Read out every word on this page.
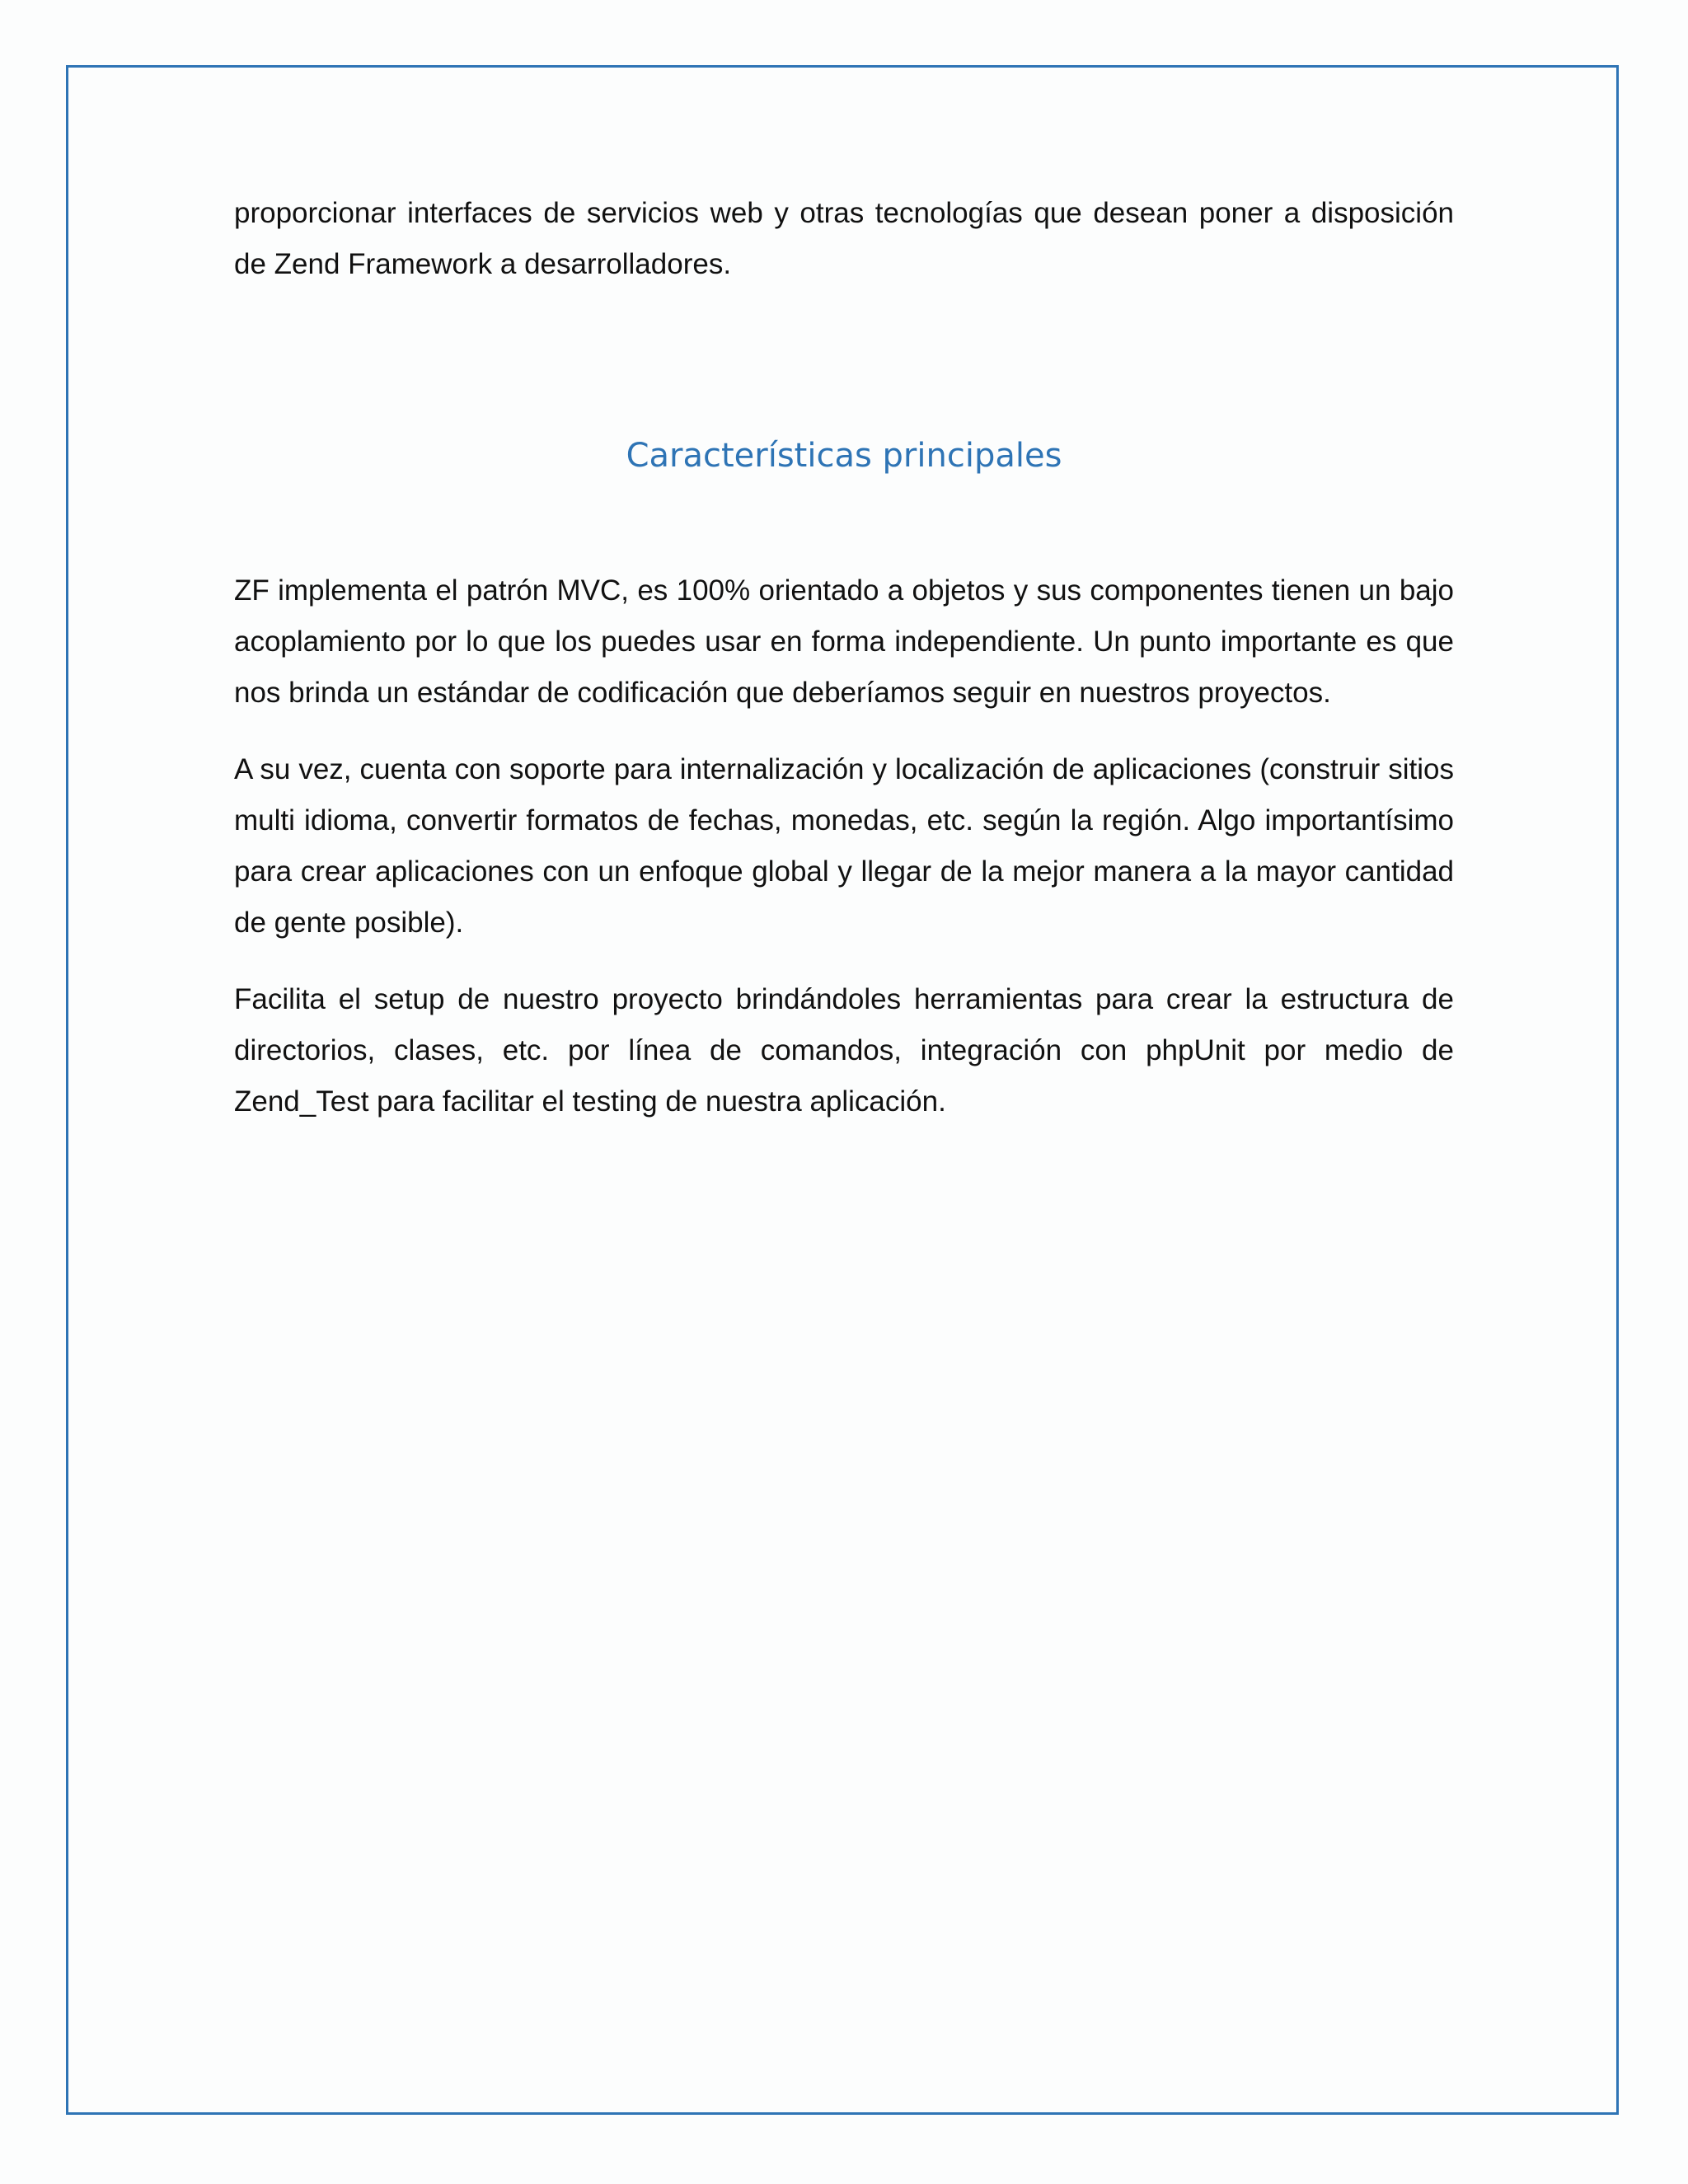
proporcionar interfaces de servicios web y otras tecnologías que desean poner a disposición de Zend Framework a desarrolladores.

Características principales

ZF implementa el patrón MVC, es 100% orientado a objetos y sus componentes tienen un bajo acoplamiento por lo que los puedes usar en forma independiente. Un punto importante es que nos brinda un estándar de codificación que deberíamos seguir en nuestros proyectos.

A su vez, cuenta con soporte para internalización y localización de aplicaciones (construir sitios multi idioma, convertir formatos de fechas, monedas, etc. según la región. Algo importantísimo para crear aplicaciones con un enfoque global y llegar de la mejor manera a la mayor cantidad de gente posible).

Facilita el setup de nuestro proyecto brindándoles herramientas para crear la estructura de directorios, clases, etc. por línea de comandos, integración con phpUnit por medio de Zend_Test para facilitar el testing de nuestra aplicación.
